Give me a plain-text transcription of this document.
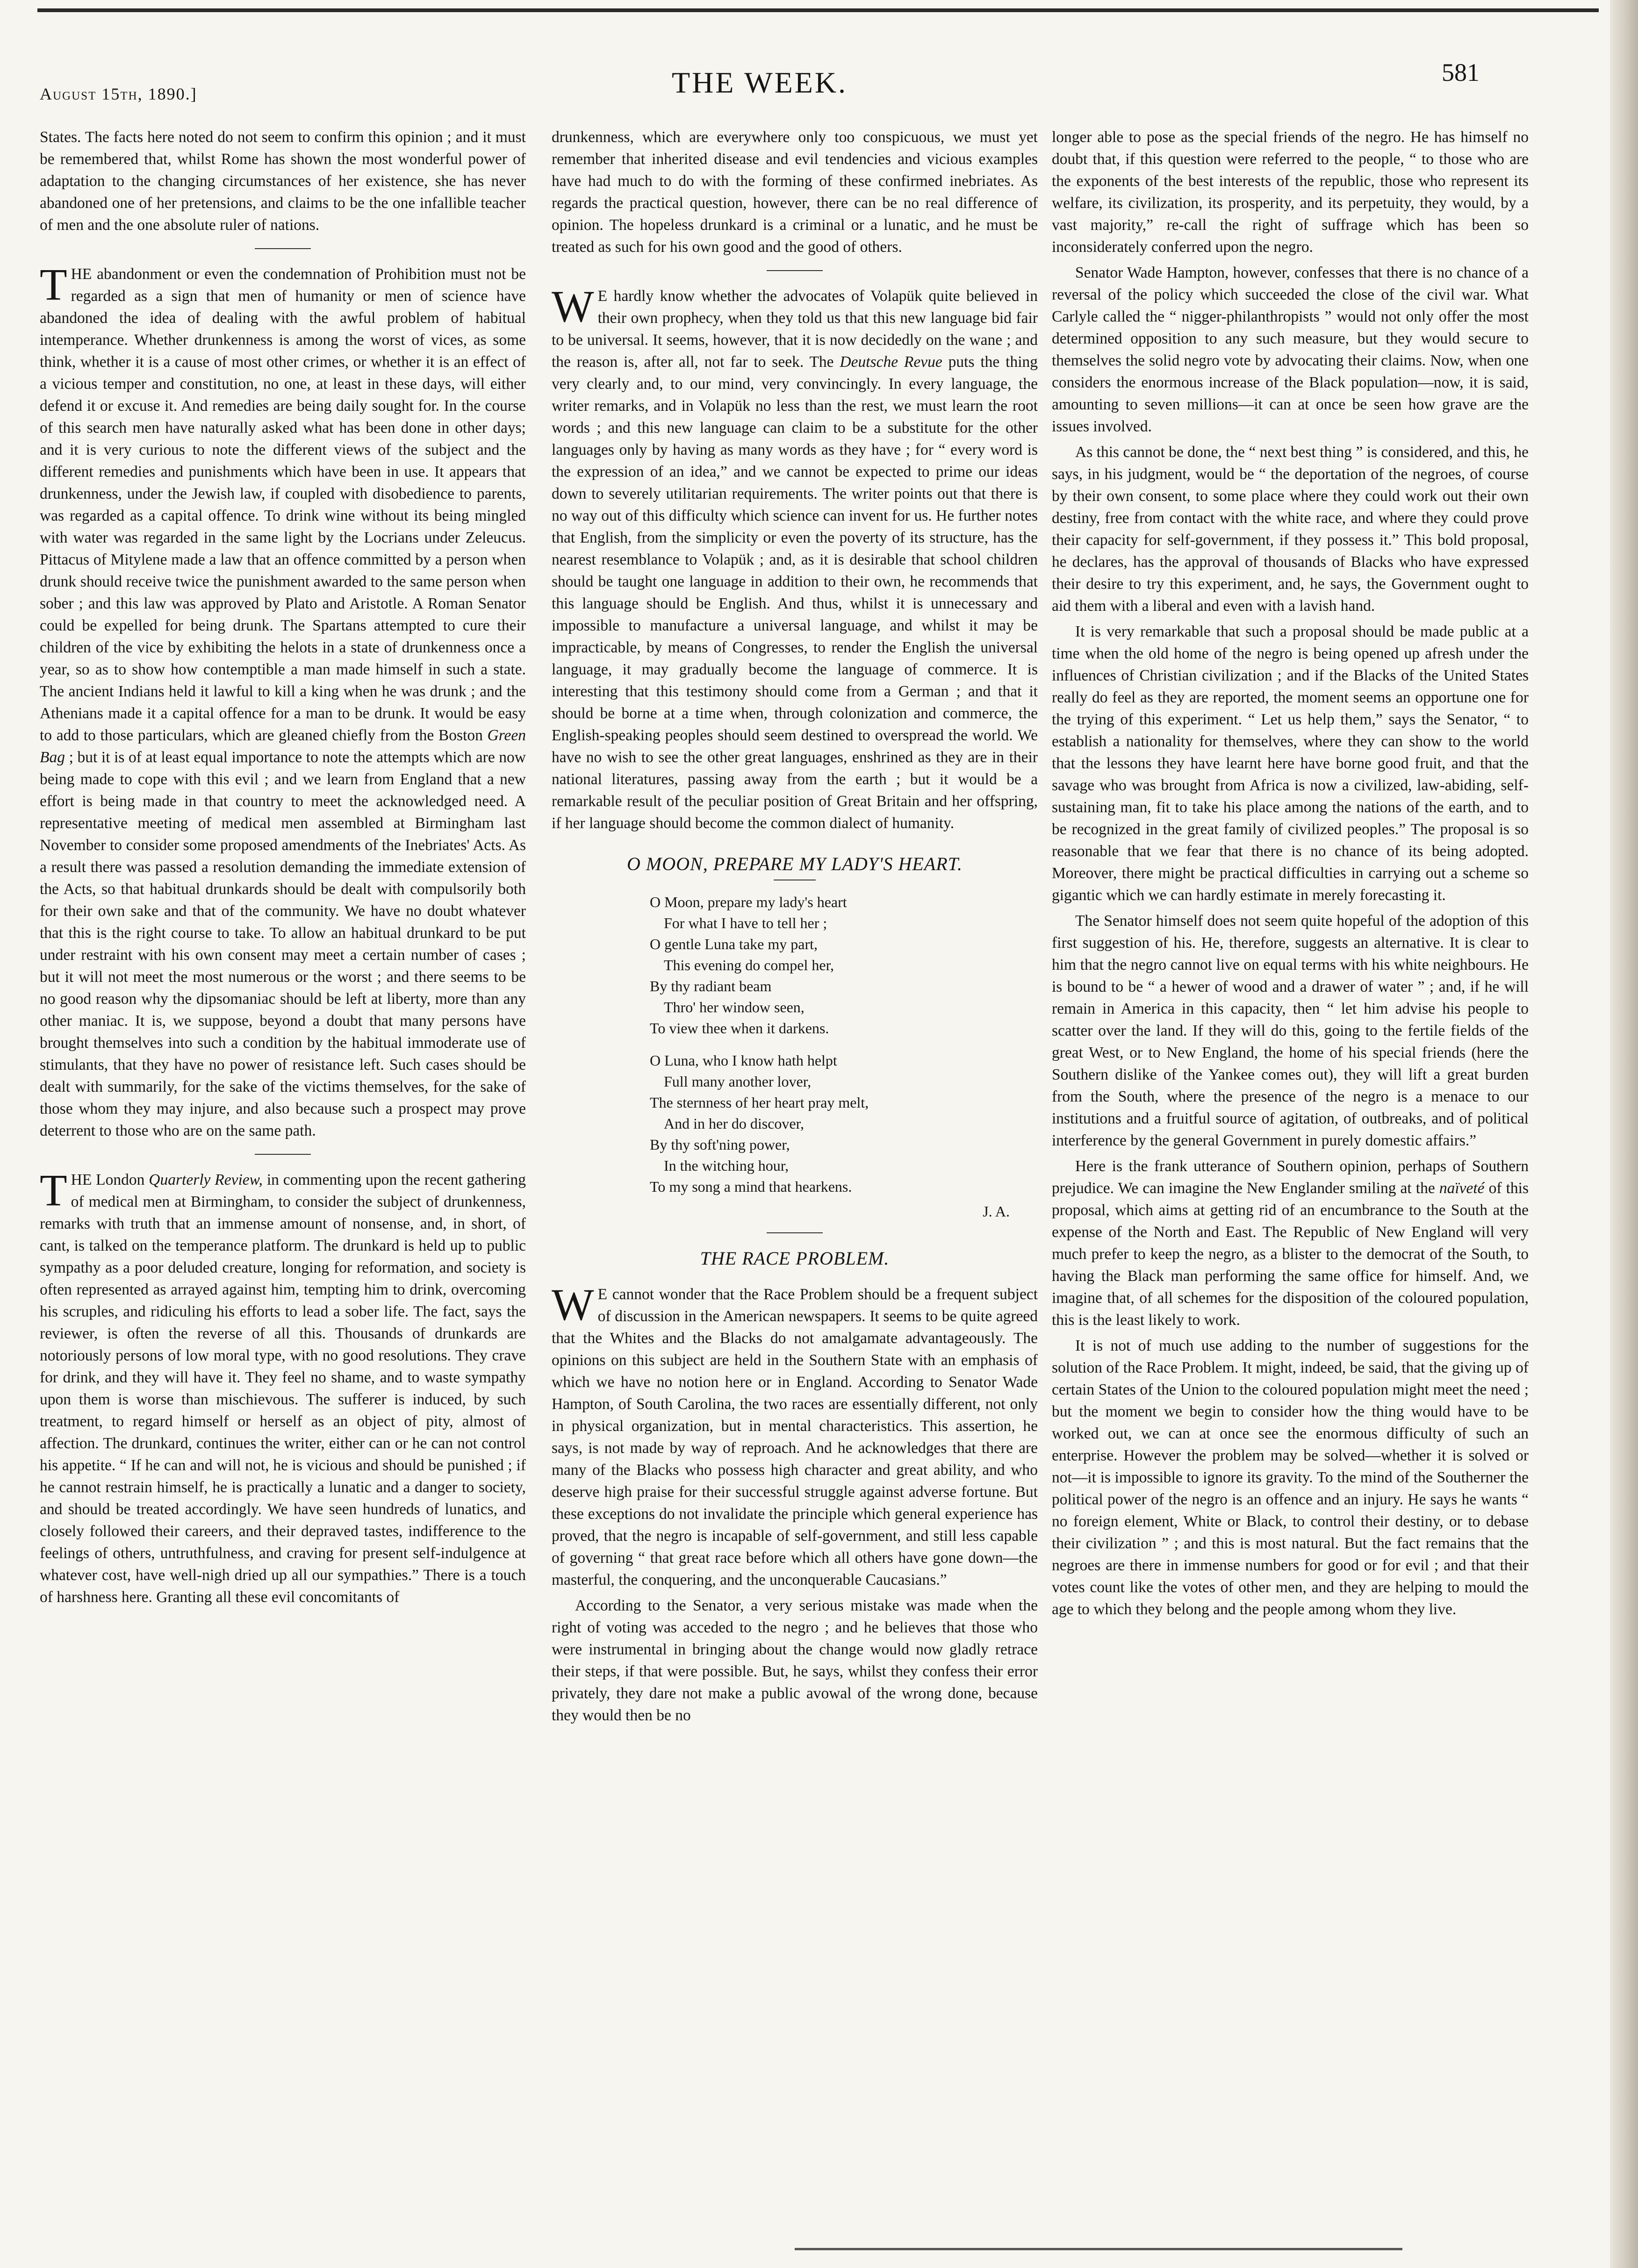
August 15th, 1890.]	THE WEEK.	581

States. The facts here noted do not seem to confirm this opinion ; and it must be remembered that, whilst Rome has shown the most wonderful power of adaptation to the changing circumstances of her existence, she has never abandoned one of her pretensions, and claims to be the one infallible teacher of men and the one absolute ruler of nations.

THE abandonment or even the condemnation of Prohibition must not be regarded as a sign that men of humanity or men of science have abandoned the idea of dealing with the awful problem of habitual intemperance. Whether drunkenness is among the worst of vices, as some think, whether it is a cause of most other crimes, or whether it is an effect of a vicious temper and constitution, no one, at least in these days, will either defend it or excuse it. And remedies are being daily sought for. In the course of this search men have naturally asked what has been done in other days; and it is very curious to note the different views of the subject and the different remedies and punishments which have been in use. It appears that drunkenness, under the Jewish law, if coupled with disobedience to parents, was regarded as a capital offence. To drink wine without its being mingled with water was regarded in the same light by the Locrians under Zeleucus. Pittacus of Mitylene made a law that an offence committed by a person when drunk should receive twice the punishment awarded to the same person when sober ; and this law was approved by Plato and Aristotle. A Roman Senator could be expelled for being drunk. The Spartans attempted to cure their children of the vice by exhibiting the helots in a state of drunkenness once a year, so as to show how contemptible a man made himself in such a state. The ancient Indians held it lawful to kill a king when he was drunk ; and the Athenians made it a capital offence for a man to be drunk. It would be easy to add to those particulars, which are gleaned chiefly from the Boston Green Bag ; but it is of at least equal importance to note the attempts which are now being made to cope with this evil ; and we learn from England that a new effort is being made in that country to meet the acknowledged need. A representative meeting of medical men assembled at Birmingham last November to consider some proposed amendments of the Inebriates' Acts. As a result there was passed a resolution demanding the immediate extension of the Acts, so that habitual drunkards should be dealt with compulsorily both for their own sake and that of the community. We have no doubt whatever that this is the right course to take. To allow an habitual drunkard to be put under restraint with his own consent may meet a certain number of cases ; but it will not meet the most numerous or the worst ; and there seems to be no good reason why the dipsomaniac should be left at liberty, more than any other maniac. It is, we suppose, beyond a doubt that many persons have brought themselves into such a condition by the habitual immoderate use of stimulants, that they have no power of resistance left. Such cases should be dealt with summarily, for the sake of the victims themselves, for the sake of those whom they may injure, and also because such a prospect may prove deterrent to those who are on the same path.

THE London Quarterly Review, in commenting upon the recent gathering of medical men at Birmingham, to consider the subject of drunkenness, remarks with truth that an immense amount of nonsense, and, in short, of cant, is talked on the temperance platform. The drunkard is held up to public sympathy as a poor deluded creature, longing for reformation, and society is often represented as arrayed against him, tempting him to drink, overcoming his scruples, and ridiculing his efforts to lead a sober life. The fact, says the reviewer, is often the reverse of all this. Thousands of drunkards are notoriously persons of low moral type, with no good resolutions. They crave for drink, and they will have it. They feel no shame, and to waste sympathy upon them is worse than mischievous. The sufferer is induced, by such treatment, to regard himself or herself as an object of pity, almost of affection. The drunkard, continues the writer, either can or he can not control his appetite. “ If he can and will not, he is vicious and should be punished ; if he cannot restrain himself, he is practically a lunatic and a danger to society, and should be treated accordingly. We have seen hundreds of lunatics, and closely followed their careers, and their depraved tastes, indifference to the feelings of others, untruthfulness, and craving for present self-indulgence at whatever cost, have well-nigh dried up all our sympathies.” There is a touch of harshness here. Granting all these evil concomitants of

drunkenness, which are everywhere only too conspicuous, we must yet remember that inherited disease and evil tendencies and vicious examples have had much to do with the forming of these confirmed inebriates. As regards the practical question, however, there can be no real difference of opinion. The hopeless drunkard is a criminal or a lunatic, and he must be treated as such for his own good and the good of others.

WE hardly know whether the advocates of Volapük quite believed in their own prophecy, when they told us that this new language bid fair to be universal. It seems, however, that it is now decidedly on the wane ; and the reason is, after all, not far to seek. The Deutsche Revue puts the thing very clearly and, to our mind, very convincingly. In every language, the writer remarks, and in Volapük no less than the rest, we must learn the root words ; and this new language can claim to be a substitute for the other languages only by having as many words as they have ; for “ every word is the expression of an idea,” and we cannot be expected to prime our ideas down to severely utilitarian requirements. The writer points out that there is no way out of this difficulty which science can invent for us. He further notes that English, from the simplicity or even the poverty of its structure, has the nearest resemblance to Volapük ; and, as it is desirable that school children should be taught one language in addition to their own, he recommends that this language should be English. And thus, whilst it is unnecessary and impossible to manufacture a universal language, and whilst it may be impracticable, by means of Congresses, to render the English the universal language, it may gradually become the language of commerce. It is interesting that this testimony should come from a German ; and that it should be borne at a time when, through colonization and commerce, the English-speaking peoples should seem destined to overspread the world. We have no wish to see the other great languages, enshrined as they are in their national literatures, passing away from the earth ; but it would be a remarkable result of the peculiar position of Great Britain and her offspring, if her language should become the common dialect of humanity.

O MOON, PREPARE MY LADY'S HEART.
O Moon, prepare my lady's heart
For what I have to tell her ;
O gentle Luna take my part,
This evening do compel her,
By thy radiant beam
Thro' her window seen,
To view thee when it darkens.
O Luna, who I know hath helpt
Full many another lover,
The sternness of her heart pray melt,
And in her do discover,
By thy soft'ning power,
In the witching hour,
To my song a mind that hearkens.
J. A.
THE RACE PROBLEM.

WE cannot wonder that the Race Problem should be a frequent subject of discussion in the American newspapers. It seems to be quite agreed that the Whites and the Blacks do not amalgamate advantageously. The opinions on this subject are held in the Southern State with an emphasis of which we have no notion here or in England. According to Senator Wade Hampton, of South Carolina, the two races are essentially different, not only in physical organization, but in mental characteristics. This assertion, he says, is not made by way of reproach. And he acknowledges that there are many of the Blacks who possess high character and great ability, and who deserve high praise for their successful struggle against adverse fortune. But these exceptions do not invalidate the principle which general experience has proved, that the negro is incapable of self-government, and still less capable of governing “ that great race before which all others have gone down—the masterful, the conquering, and the unconquerable Caucasians.”

According to the Senator, a very serious mistake was made when the right of voting was acceded to the negro ; and he believes that those who were instrumental in bringing about the change would now gladly retrace their steps, if that were possible. But, he says, whilst they confess their error privately, they dare not make a public avowal of the wrong done, because they would then be no

longer able to pose as the special friends of the negro. He has himself no doubt that, if this question were referred to the people, “ to those who are the exponents of the best interests of the republic, those who represent its welfare, its civilization, its prosperity, and its perpetuity, they would, by a vast majority,” re-call the right of suffrage which has been so inconsiderately conferred upon the negro.

Senator Wade Hampton, however, confesses that there is no chance of a reversal of the policy which succeeded the close of the civil war. What Carlyle called the “ nigger-philanthropists ” would not only offer the most determined opposition to any such measure, but they would secure to themselves the solid negro vote by advocating their claims. Now, when one considers the enormous increase of the Black population—now, it is said, amounting to seven millions—it can at once be seen how grave are the issues involved.

As this cannot be done, the “ next best thing ” is considered, and this, he says, in his judgment, would be “ the deportation of the negroes, of course by their own consent, to some place where they could work out their own destiny, free from contact with the white race, and where they could prove their capacity for self-government, if they possess it.” This bold proposal, he declares, has the approval of thousands of Blacks who have expressed their desire to try this experiment, and, he says, the Government ought to aid them with a liberal and even with a lavish hand.

It is very remarkable that such a proposal should be made public at a time when the old home of the negro is being opened up afresh under the influences of Christian civilization ; and if the Blacks of the United States really do feel as they are reported, the moment seems an opportune one for the trying of this experiment. “ Let us help them,” says the Senator, “ to establish a nationality for themselves, where they can show to the world that the lessons they have learnt here have borne good fruit, and that the savage who was brought from Africa is now a civilized, law-abiding, self-sustaining man, fit to take his place among the nations of the earth, and to be recognized in the great family of civilized peoples.” The proposal is so reasonable that we fear that there is no chance of its being adopted. Moreover, there might be practical difficulties in carrying out a scheme so gigantic which we can hardly estimate in merely forecasting it.

The Senator himself does not seem quite hopeful of the adoption of this first suggestion of his. He, therefore, suggests an alternative. It is clear to him that the negro cannot live on equal terms with his white neighbours. He is bound to be “ a hewer of wood and a drawer of water ” ; and, if he will remain in America in this capacity, then “ let him advise his people to scatter over the land. If they will do this, going to the fertile fields of the great West, or to New England, the home of his special friends (here the Southern dislike of the Yankee comes out), they will lift a great burden from the South, where the presence of the negro is a menace to our institutions and a fruitful source of agitation, of outbreaks, and of political interference by the general Government in purely domestic affairs.”

Here is the frank utterance of Southern opinion, perhaps of Southern prejudice. We can imagine the New Englander smiling at the naïveté of this proposal, which aims at getting rid of an encumbrance to the South at the expense of the North and East. The Republic of New England will very much prefer to keep the negro, as a blister to the democrat of the South, to having the Black man performing the same office for himself. And, we imagine that, of all schemes for the disposition of the coloured population, this is the least likely to work.

It is not of much use adding to the number of suggestions for the solution of the Race Problem. It might, indeed, be said, that the giving up of certain States of the Union to the coloured population might meet the need ; but the moment we begin to consider how the thing would have to be worked out, we can at once see the enormous difficulty of such an enterprise. However the problem may be solved—whether it is solved or not—it is impossible to ignore its gravity. To the mind of the Southerner the political power of the negro is an offence and an injury. He says he wants “ no foreign element, White or Black, to control their destiny, or to debase their civilization ” ; and this is most natural. But the fact remains that the negroes are there in immense numbers for good or for evil ; and that their votes count like the votes of other men, and they are helping to mould the age to which they belong and the people among whom they live.
